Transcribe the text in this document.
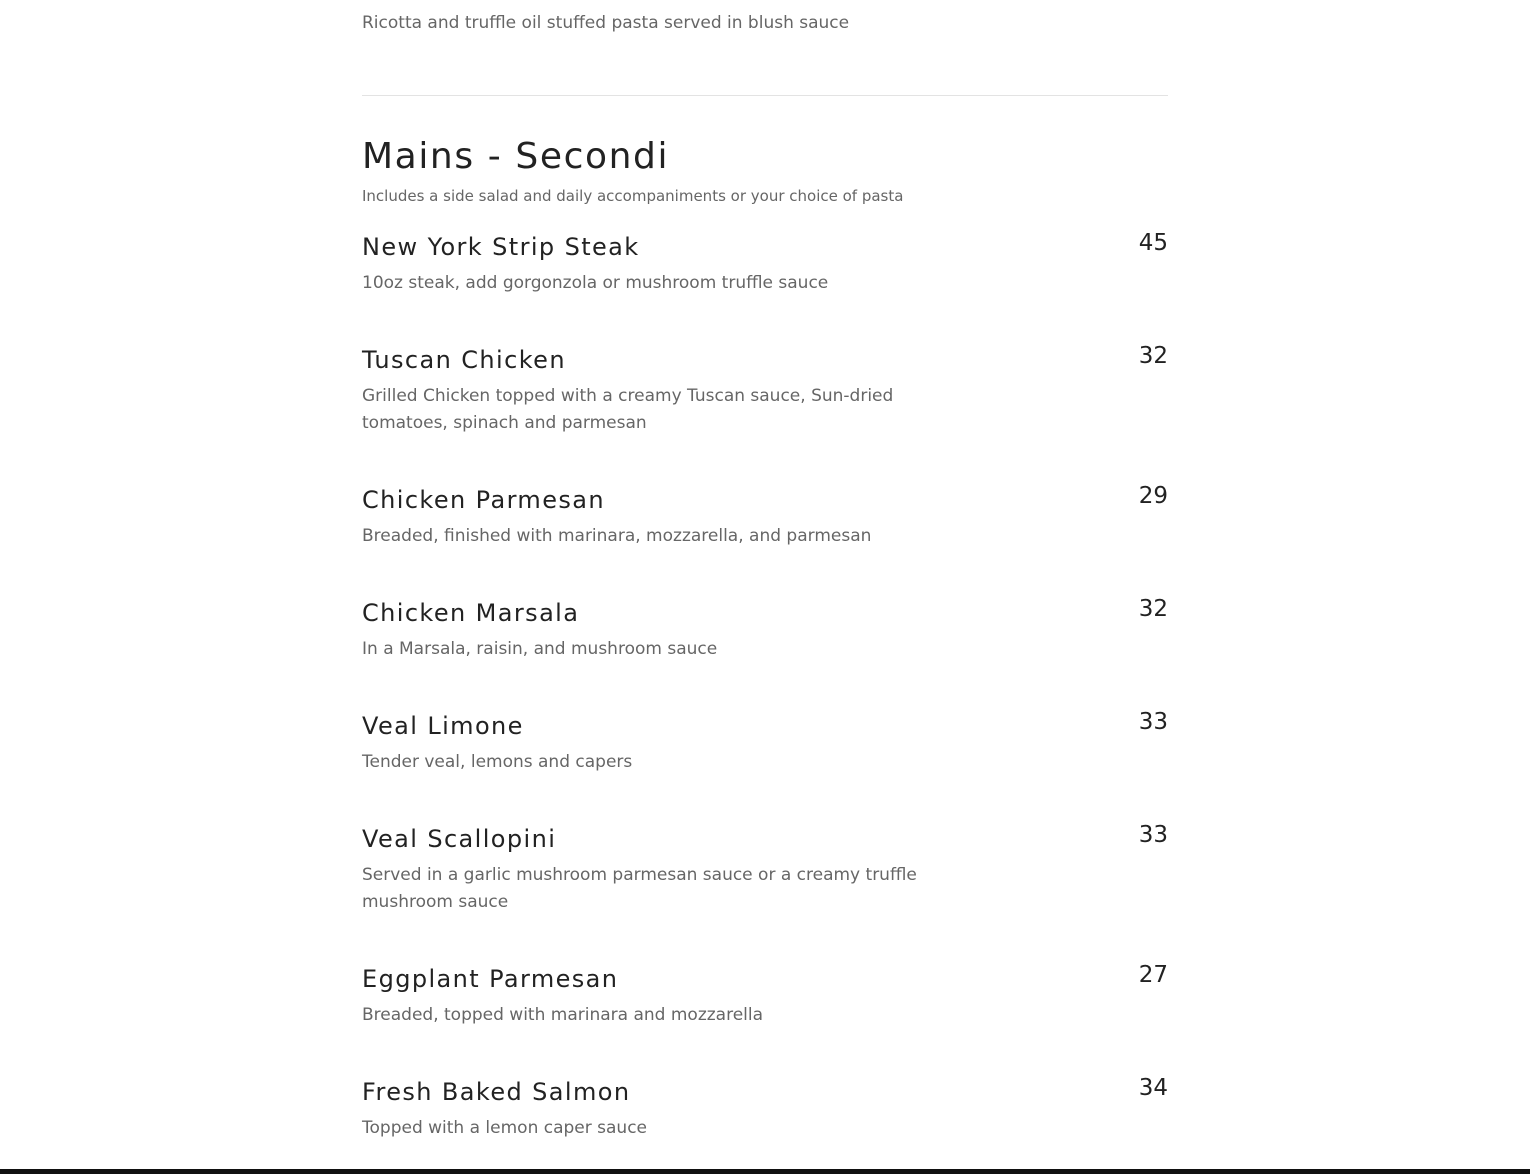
Ricotta and truffle oil stuffed pasta served in blush sauce

Mains - Secondi

Includes a side salad and daily accompaniments or your choice of pasta

New York Strip Steak	45

10oz steak, add gorgonzola or mushroom truffle sauce

Tuscan Chicken	32

Grilled Chicken topped with a creamy Tuscan sauce, Sun-dried tomatoes, spinach and parmesan

Chicken Parmesan	29

Breaded, finished with marinara, mozzarella, and parmesan

Chicken Marsala	32

In a Marsala, raisin, and mushroom sauce

Veal Limone	33

Tender veal, lemons and capers

Veal Scallopini	33

Served in a garlic mushroom parmesan sauce or a creamy truffle mushroom sauce

Eggplant Parmesan	27

Breaded, topped with marinara and mozzarella

Fresh Baked Salmon	34

Topped with a lemon caper sauce
